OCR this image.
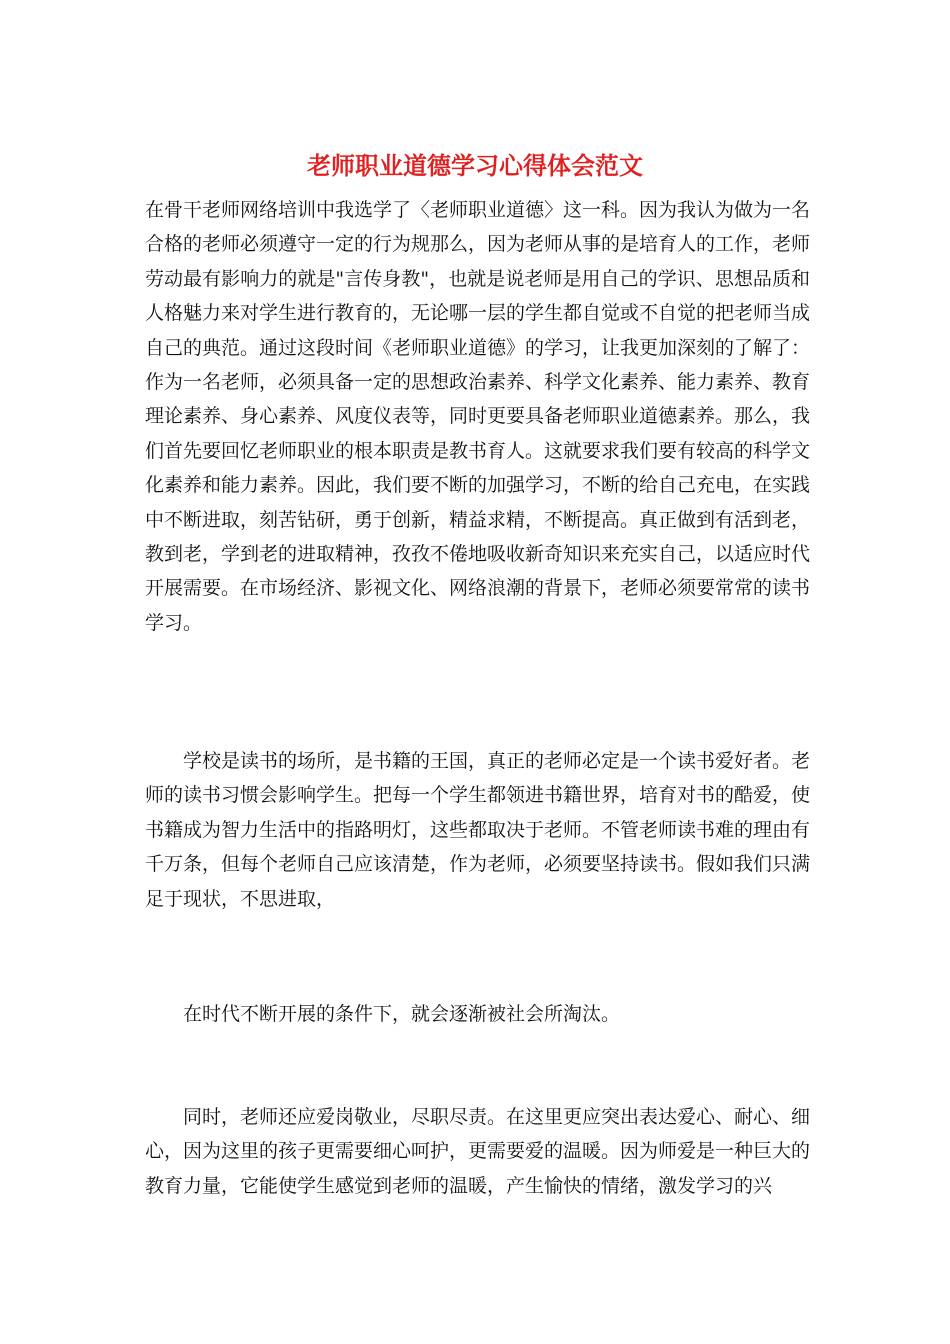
老师职业道德学习心得体会范文

在骨干老师网络培训中我选学了〈老师职业道德〉这一科。因为我认为做为一名合格的老师必须遵守一定的行为规那么，因为老师从事的是培育人的工作，老师劳动最有影响力的就是"言传身教"，也就是说老师是用自己的学识、思想品质和人格魅力来对学生进行教育的，无论哪一层的学生都自觉或不自觉的把老师当成自己的典范。通过这段时间《老师职业道德》的学习，让我更加深刻的了解了：作为一名老师，必须具备一定的思想政治素养、科学文化素养、能力素养、教育理论素养、身心素养、风度仪表等，同时更要具备老师职业道德素养。那么，我们首先要回忆老师职业的根本职责是教书育人。这就要求我们要有较高的科学文化素养和能力素养。因此，我们要不断的加强学习，不断的给自己充电，在实践中不断进取，刻苦钻研，勇于创新，精益求精，不断提高。真正做到有活到老，教到老，学到老的进取精神，孜孜不倦地吸收新奇知识来充实自己，以适应时代开展需要。在市场经济、影视文化、网络浪潮的背景下，老师必须要常常的读书学习。

学校是读书的场所，是书籍的王国，真正的老师必定是一个读书爱好者。老师的读书习惯会影响学生。把每一个学生都领进书籍世界，培育对书的酷爱，使书籍成为智力生活中的指路明灯，这些都取决于老师。不管老师读书难的理由有千万条，但每个老师自己应该清楚，作为老师，必须要坚持读书。假如我们只满足于现状，不思进取，

在时代不断开展的条件下，就会逐渐被社会所淘汰。

同时，老师还应爱岗敬业，尽职尽责。在这里更应突出表达爱心、耐心、细心，因为这里的孩子更需要细心呵护，更需要爱的温暖。因为师爱是一种巨大的教育力量，它能使学生感觉到老师的温暖，产生愉快的情绪，激发学习的兴
